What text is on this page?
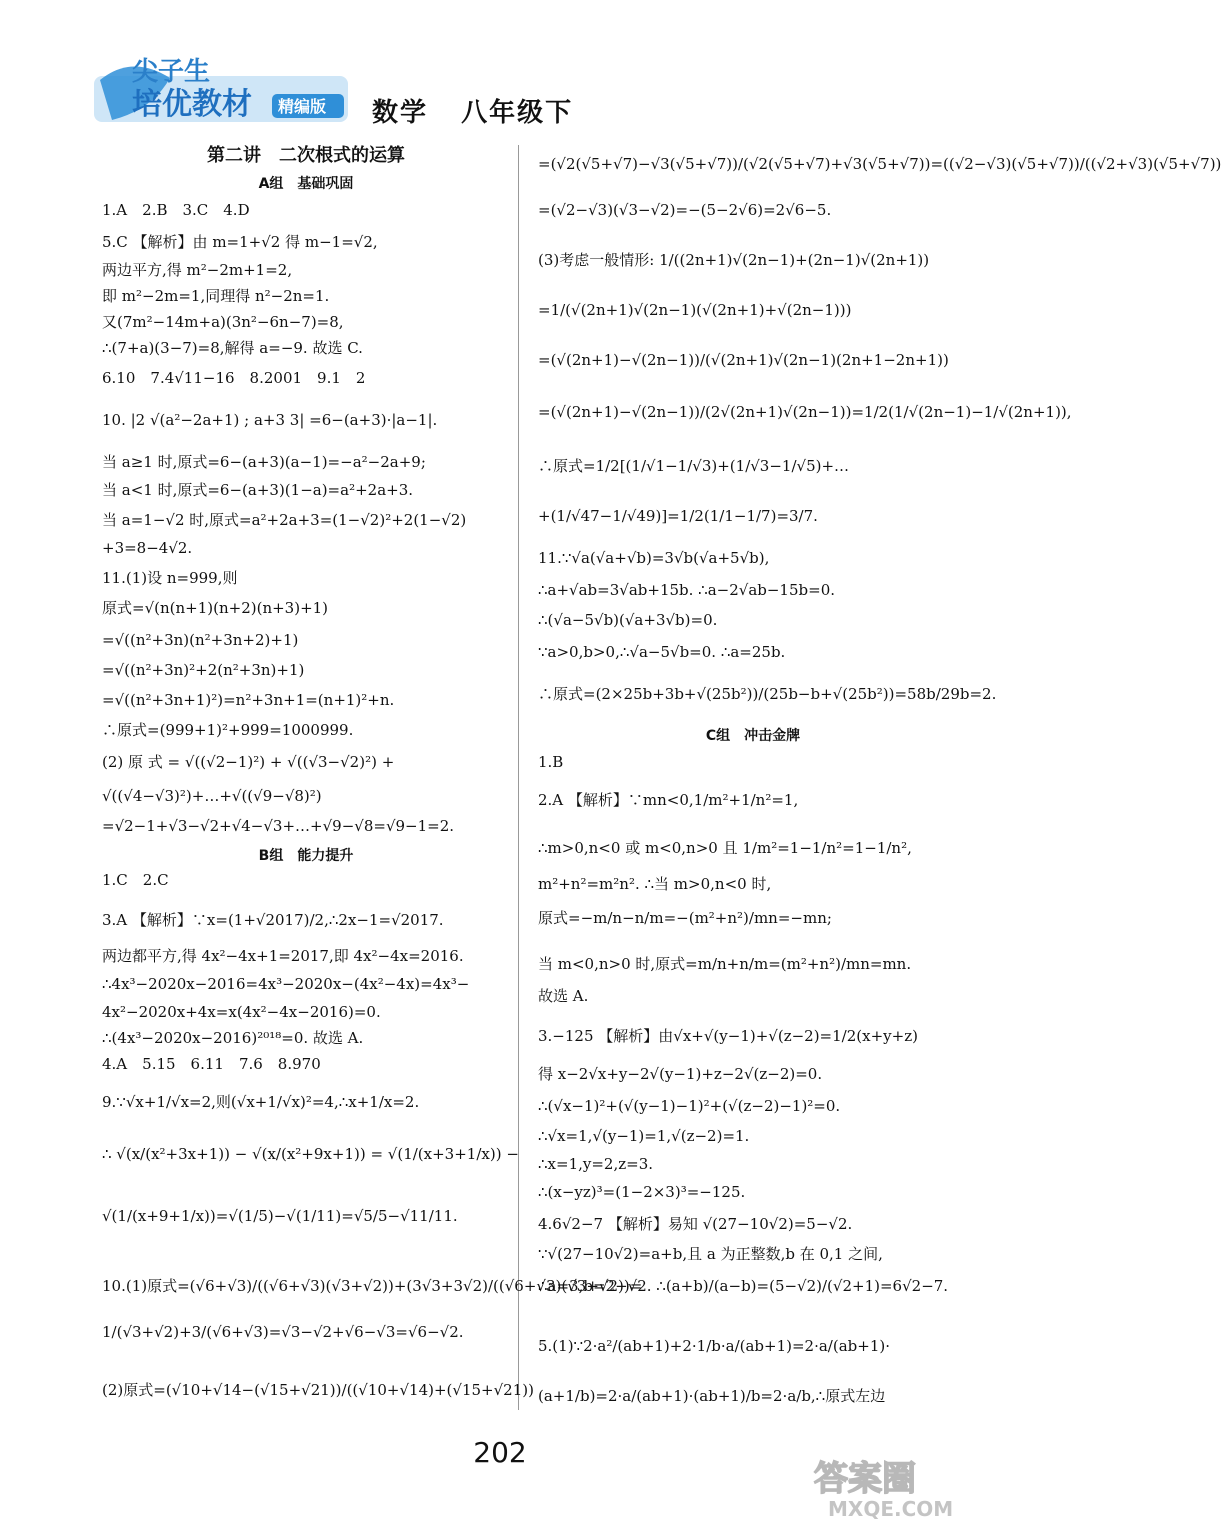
尖子生
培优教材 精编版 数学   八年级下
第二讲　二次根式的运算
A组　基础巩固
1.A　2.B　3.C　4.D
5.C 【解析】由 m=1+√2 得 m−1=√2,
两边平方,得 m²−2m+1=2,
即 m²−2m=1,同理得 n²−2n=1.
又(7m²−14m+a)(3n²−6n−7)=8,
∴(7+a)(3−7)=8,解得 a=−9. 故选 C.
6.10　7.4√11−16　8.2001　9.1　2
10. |2 √(a²−2a+1) ; a+3 3| =6−(a+3)·|a−1|.
当 a≥1 时,原式=6−(a+3)(a−1)=−a²−2a+9;
当 a<1 时,原式=6−(a+3)(1−a)=a²+2a+3.
当 a=1−√2 时,原式=a²+2a+3=(1−√2)²+2(1−√2)
+3=8−4√2.
11.(1)设 n=999,则
原式=√(n(n+1)(n+2)(n+3)+1)
=√((n²+3n)(n²+3n+2)+1)
=√((n²+3n)²+2(n²+3n)+1)
=√((n²+3n+1)²)=n²+3n+1=(n+1)²+n.
∴原式=(999+1)²+999=1000999.
(2) 原 式 = √((√2−1)²) + √((√3−√2)²) +
√((√4−√3)²)+…+√((√9−√8)²)
=√2−1+√3−√2+√4−√3+…+√9−√8=√9−1=2.
B组　能力提升
1.C　2.C
3.A 【解析】∵x=(1+√2017)/2,∴2x−1=√2017.
两边都平方,得 4x²−4x+1=2017,即 4x²−4x=2016.
∴4x³−2020x−2016=4x³−2020x−(4x²−4x)=4x³−
4x²−2020x+4x=x(4x²−4x−2016)=0.
∴(4x³−2020x−2016)²⁰¹⁸=0. 故选 A.
4.A　5.15　6.11　7.6　8.970
9.∵√x+1/√x=2,则(√x+1/√x)²=4,∴x+1/x=2.
∴ √(x/(x²+3x+1)) − √(x/(x²+9x+1)) = √(1/(x+3+1/x)) −
√(1/(x+9+1/x))=√(1/5)−√(1/11)=√5/5−√11/11.
10.(1)原式=(√6+√3)/((√6+√3)(√3+√2))+(3√3+3√2)/((√6+√3)(√3+√2))=
1/(√3+√2)+3/(√6+√3)=√3−√2+√6−√3=√6−√2.
(2)原式=(√10+√14−(√15+√21))/((√10+√14)+(√15+√21))
=(√2(√5+√7)−√3(√5+√7))/(√2(√5+√7)+√3(√5+√7))=((√2−√3)(√5+√7))/((√2+√3)(√5+√7))
=(√2−√3)(√3−√2)=−(5−2√6)=2√6−5.
(3)考虑一般情形: 1/((2n+1)√(2n−1)+(2n−1)√(2n+1))
=1/(√(2n+1)√(2n−1)(√(2n+1)+√(2n−1)))
=(√(2n+1)−√(2n−1))/(√(2n+1)√(2n−1)(2n+1−2n+1))
=(√(2n+1)−√(2n−1))/(2√(2n+1)√(2n−1))=1/2(1/√(2n−1)−1/√(2n+1)),
∴原式=1/2[(1/√1−1/√3)+(1/√3−1/√5)+…
+(1/√47−1/√49)]=1/2(1/1−1/7)=3/7.
11.∵√a(√a+√b)=3√b(√a+5√b),
∴a+√ab=3√ab+15b. ∴a−2√ab−15b=0.
∴(√a−5√b)(√a+3√b)=0.
∵a>0,b>0,∴√a−5√b=0. ∴a=25b.
∴原式=(2×25b+3b+√(25b²))/(25b−b+√(25b²))=58b/29b=2.
C组　冲击金牌
1.B
2.A 【解析】∵mn<0,1/m²+1/n²=1,
∴m>0,n<0 或 m<0,n>0 且 1/m²=1−1/n²=1−1/n²,
m²+n²=m²n². ∴当 m>0,n<0 时,
原式=−m/n−n/m=−(m²+n²)/mn=−mn;
当 m<0,n>0 时,原式=m/n+n/m=(m²+n²)/mn=mn.
故选 A.
3.−125 【解析】由√x+√(y−1)+√(z−2)=1/2(x+y+z)
得 x−2√x+y−2√(y−1)+z−2√(z−2)=0.
∴(√x−1)²+(√(y−1)−1)²+(√(z−2)−1)²=0.
∴√x=1,√(y−1)=1,√(z−2)=1.
∴x=1,y=2,z=3.
∴(x−yz)³=(1−2×3)³=−125.
4.6√2−7 【解析】易知 √(27−10√2)=5−√2.
∵√(27−10√2)=a+b,且 a 为正整数,b 在 0,1 之间,
∴a=3,b=2−√2. ∴(a+b)/(a−b)=(5−√2)/(√2+1)=6√2−7.
5.(1)∵2·a²/(ab+1)+2·1/b·a/(ab+1)=2·a/(ab+1)·
(a+1/b)=2·a/(ab+1)·(ab+1)/b=2·a/b,∴原式左边
202
答案圈
MXQE.COM
